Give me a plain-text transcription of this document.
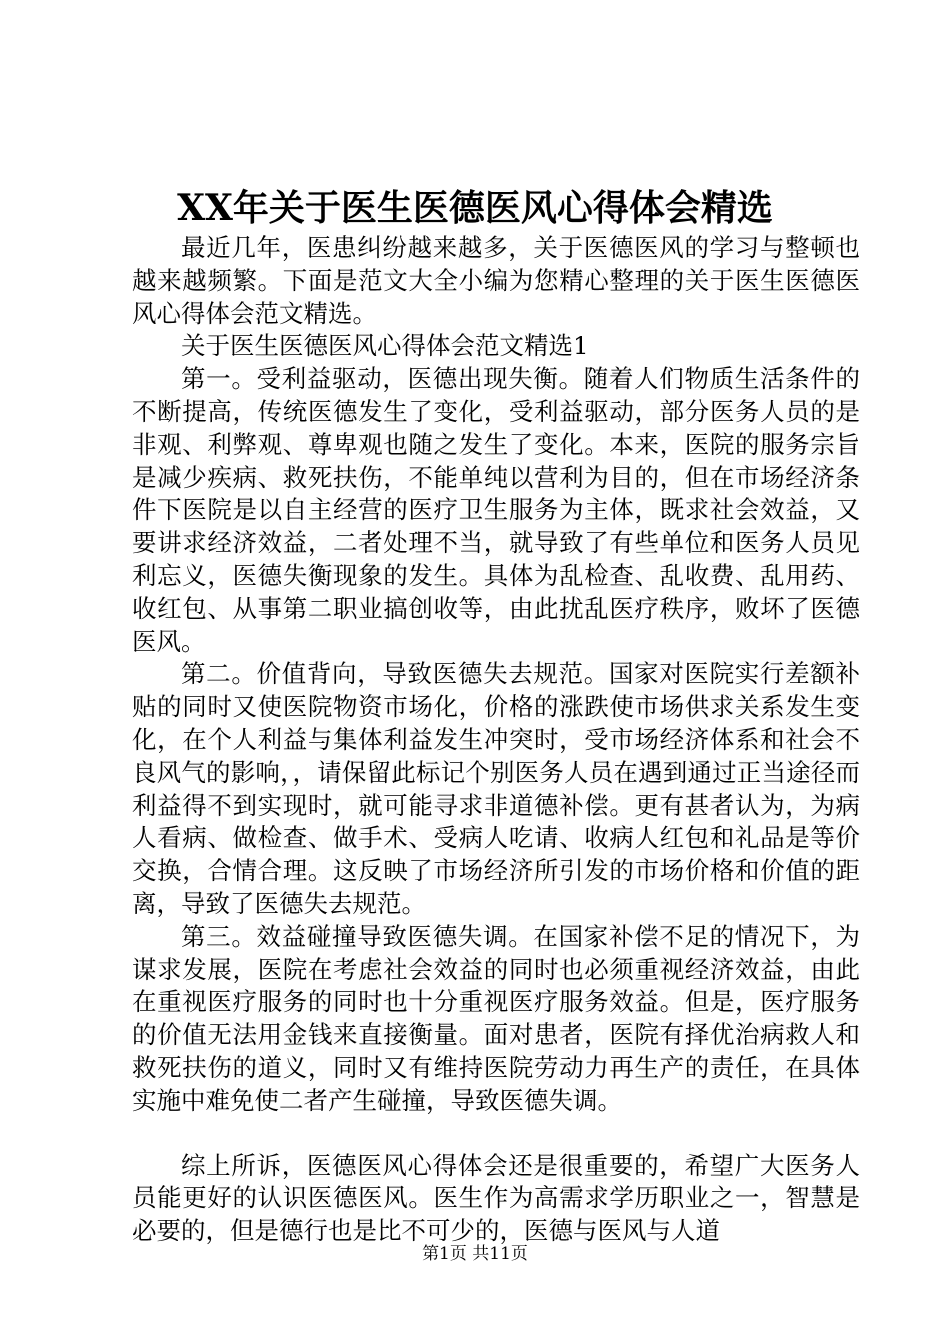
XX年关于医生医德医风心得体会精选

最近几年，医患纠纷越来越多，关于医德医风的学习与整顿也越来越频繁。下面是范文大全小编为您精心整理的关于医生医德医风心得体会范文精选。

关于医生医德医风心得体会范文精选1

第一。受利益驱动，医德出现失衡。随着人们物质生活条件的不断提高，传统医德发生了变化，受利益驱动，部分医务人员的是非观、利弊观、尊卑观也随之发生了变化。本来，医院的服务宗旨是减少疾病、救死扶伤，不能单纯以营利为目的，但在市场经济条件下医院是以自主经营的医疗卫生服务为主体，既求社会效益，又要讲求经济效益，二者处理不当，就导致了有些单位和医务人员见利忘义，医德失衡现象的发生。具体为乱检查、乱收费、乱用药、收红包、从事第二职业搞创收等，由此扰乱医疗秩序，败坏了医德医风。

第二。价值背向，导致医德失去规范。国家对医院实行差额补贴的同时又使医院物资市场化，价格的涨跌使市场供求关系发生变化，在个人利益与集体利益发生冲突时，受市场经济体系和社会不良风气的影响，，请保留此标记个别医务人员在遇到通过正当途径而利益得不到实现时，就可能寻求非道德补偿。更有甚者认为，为病人看病、做检查、做手术、受病人吃请、收病人红包和礼品是等价交换，合情合理。这反映了市场经济所引发的市场价格和价值的距离，导致了医德失去规范。

第三。效益碰撞导致医德失调。在国家补偿不足的情况下，为谋求发展，医院在考虑社会效益的同时也必须重视经济效益，由此在重视医疗服务的同时也十分重视医疗服务效益。但是，医疗服务的价值无法用金钱来直接衡量。面对患者，医院有择优治病救人和救死扶伤的道义，同时又有维持医院劳动力再生产的责任，在具体实施中难免使二者产生碰撞，导致医德失调。

综上所诉，医德医风心得体会还是很重要的，希望广大医务人员能更好的认识医德医风。医生作为高需求学历职业之一，智慧是必要的，但是德行也是比不可少的，医德与医风与人道

第1页 共11页
